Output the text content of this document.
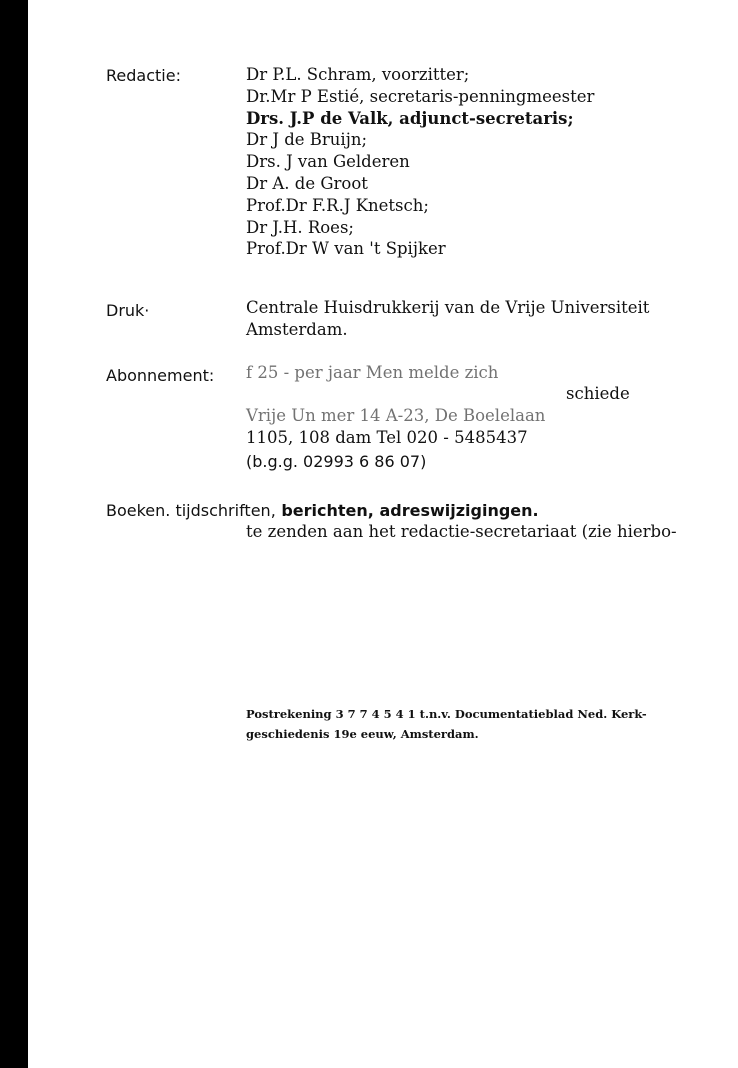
Redactie:	Dr P.L. Schram, voorzitter;
Dr.Mr P Estié, secretaris-penningmeester
Drs. J.P de Valk, adjunct-secretaris;
Dr J de Bruijn;
Drs. J van Gelderen
Dr A. de Groot
Prof.Dr F.R.J Knetsch;
Dr J.H. Roes;
Prof.Dr W van 't Spijker
Druk·	Centrale Huisdrukkerij van de Vrije Universiteit
Amsterdam.
Abonnement: f 25 - per jaar Men melde zich
schiede
Vrije Un mer 14 A-23, De Boelelaan
1105, 108 dam Tel 020 - 5485437
(b.g.g. 02993 6 86 07)
Boeken. tijdschriften, berichten, adreswijzigingen.
te zenden aan het redactie-secretariaat (zie hierbo-
Postrekening 3 7 7 4 5 4 1 t.n.v. Documentatieblad Ned. Kerk-
geschiedenis 19e eeuw, Amsterdam.
